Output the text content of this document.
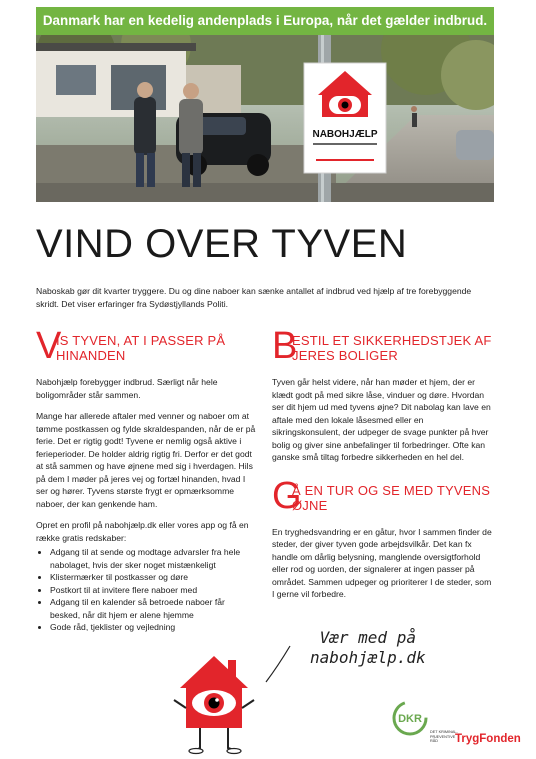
Danmark har en kedelig andenplads i Europa, når det gælder indbrud.
NABOHJÆLP
VIND OVER TYVEN

Naboskab gør dit kvarter tryggere. Du og dine naboer kan sænke antallet af indbrud ved hjælp af tre forebyggende skridt. Det viser erfaringer fra Sydøstjyllands Politi.

V
IS TYVEN, AT I PASSER PÅ HINANDEN

Nabohjælp forebygger indbrud. Særligt når hele boligområder står sammen.

Mange har allerede aftaler med venner og naboer om at tømme postkassen og fylde skraldespanden, når de er på ferie. Det er rigtig godt! Tyvene er nemlig også aktive i ferieperioder. De holder aldrig rigtig fri. Derfor er det godt at stå sammen og have øjnene med sig i hverdagen. Hils på dem I møder på jeres vej og fortæl hinanden, hvad I ser og hører. Tyvens største frygt er opmærksomme naboer, der kan genkende ham.

Opret en profil på nabohjælp.dk eller vores app og få en række gratis redskaber:

• Adgang til at sende og modtage advarsler fra hele nabolaget, hvis der sker noget mistænkeligt
• Klistermærker til postkasser og døre
• Postkort til at invitere flere naboer med
• Adgang til en kalender så betroede naboer får besked, når dit hjem er alene hjemme
• Gode råd, tjeklister og vejledning
B
ESTIL ET SIKKERHEDSTJEK AF JERES BOLIGER

Tyven går helst videre, når han møder et hjem, der er klædt godt på med sikre låse, vinduer og døre. Hvordan ser dit hjem ud med tyvens øjne? Dit nabolag kan lave en aftale med den lokale låsesmed eller en sikringskonsulent, der udpeger de svage punkter på hver bolig og giver sine anbefalinger til forbedringer. Ofte kan ganske små tiltag forbedre sikkerheden en hel del.

G
Å EN TUR OG SE MED TYVENS ØJNE

En tryghedsvandring er en gåtur, hvor I sammen finder de steder, der giver tyven gode arbejdsvilkår. Det kan fx handle om dårlig belysning, manglende oversigtforhold eller rod og uorden, der signalerer at ingen passer på området. Sammen udpeger og prioriterer I de steder, som I gerne vil forbedre.

Vær med på
nabohjælp.dk
DKR
DET KRIMINAL-PRÆVENTIVE RÅD	TrygFonden
